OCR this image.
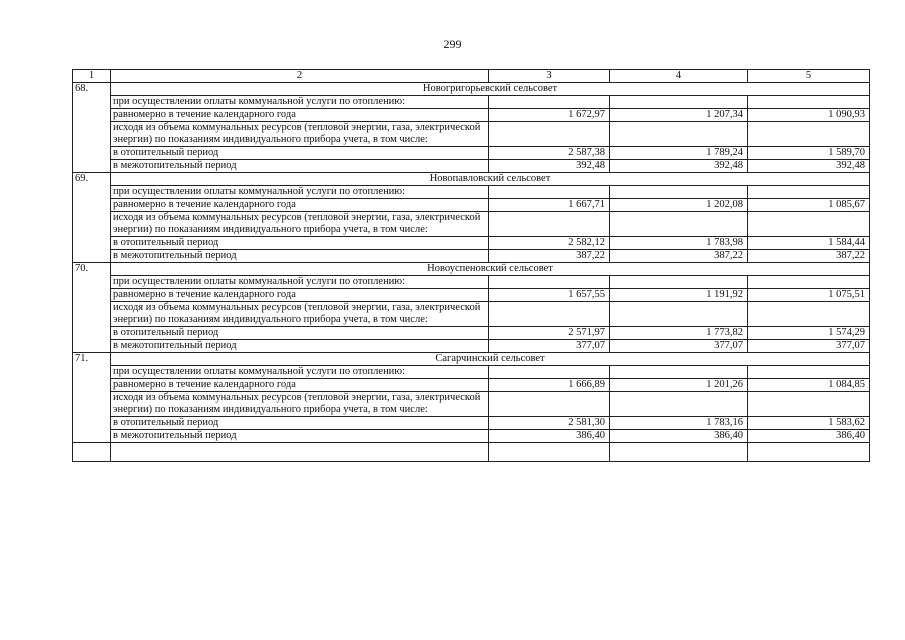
299
1	2	3	4	5
68.	Новогригорьевский сельсовет			
	при осуществлении оплаты коммунальной услуги по отоплению:			
	равномерно в течение календарного года	1 672,97	1 207,34	1 090,93
	исходя из объема коммунальных ресурсов (тепловой энергии, газа, электрической энергии) по показаниям индивидуального прибора учета, в том числе:			
	в отопительный период	2 587,38	1 789,24	1 589,70
	в межотопительный период	392,48	392,48	392,48
69.	Новопавловский сельсовет			
	при осуществлении оплаты коммунальной услуги по отоплению:			
	равномерно в течение календарного года	1 667,71	1 202,08	1 085,67
	исходя из объема коммунальных ресурсов (тепловой энергии, газа, электрической энергии) по показаниям индивидуального прибора учета, в том числе:			
	в отопительный период	2 582,12	1 783,98	1 584,44
	в межотопительный период	387,22	387,22	387,22
70.	Новоуспеновский сельсовет			
	при осуществлении оплаты коммунальной услуги по отоплению:			
	равномерно в течение календарного года	1 657,55	1 191,92	1 075,51
	исходя из объема коммунальных ресурсов (тепловой энергии, газа, электрической энергии) по показаниям индивидуального прибора учета, в том числе:			
	в отопительный период	2 571,97	1 773,82	1 574,29
	в межотопительный период	377,07	377,07	377,07
71.	Сагарчинский сельсовет			
	при осуществлении оплаты коммунальной услуги по отоплению:			
	равномерно в течение календарного года	1 666,89	1 201,26	1 084,85
	исходя из объема коммунальных ресурсов (тепловой энергии, газа, электрической энергии) по показаниям индивидуального прибора учета, в том числе:			
	в отопительный период	2 581,30	1 783,16	1 583,62
	в межотопительный период	386,40	386,40	386,40
